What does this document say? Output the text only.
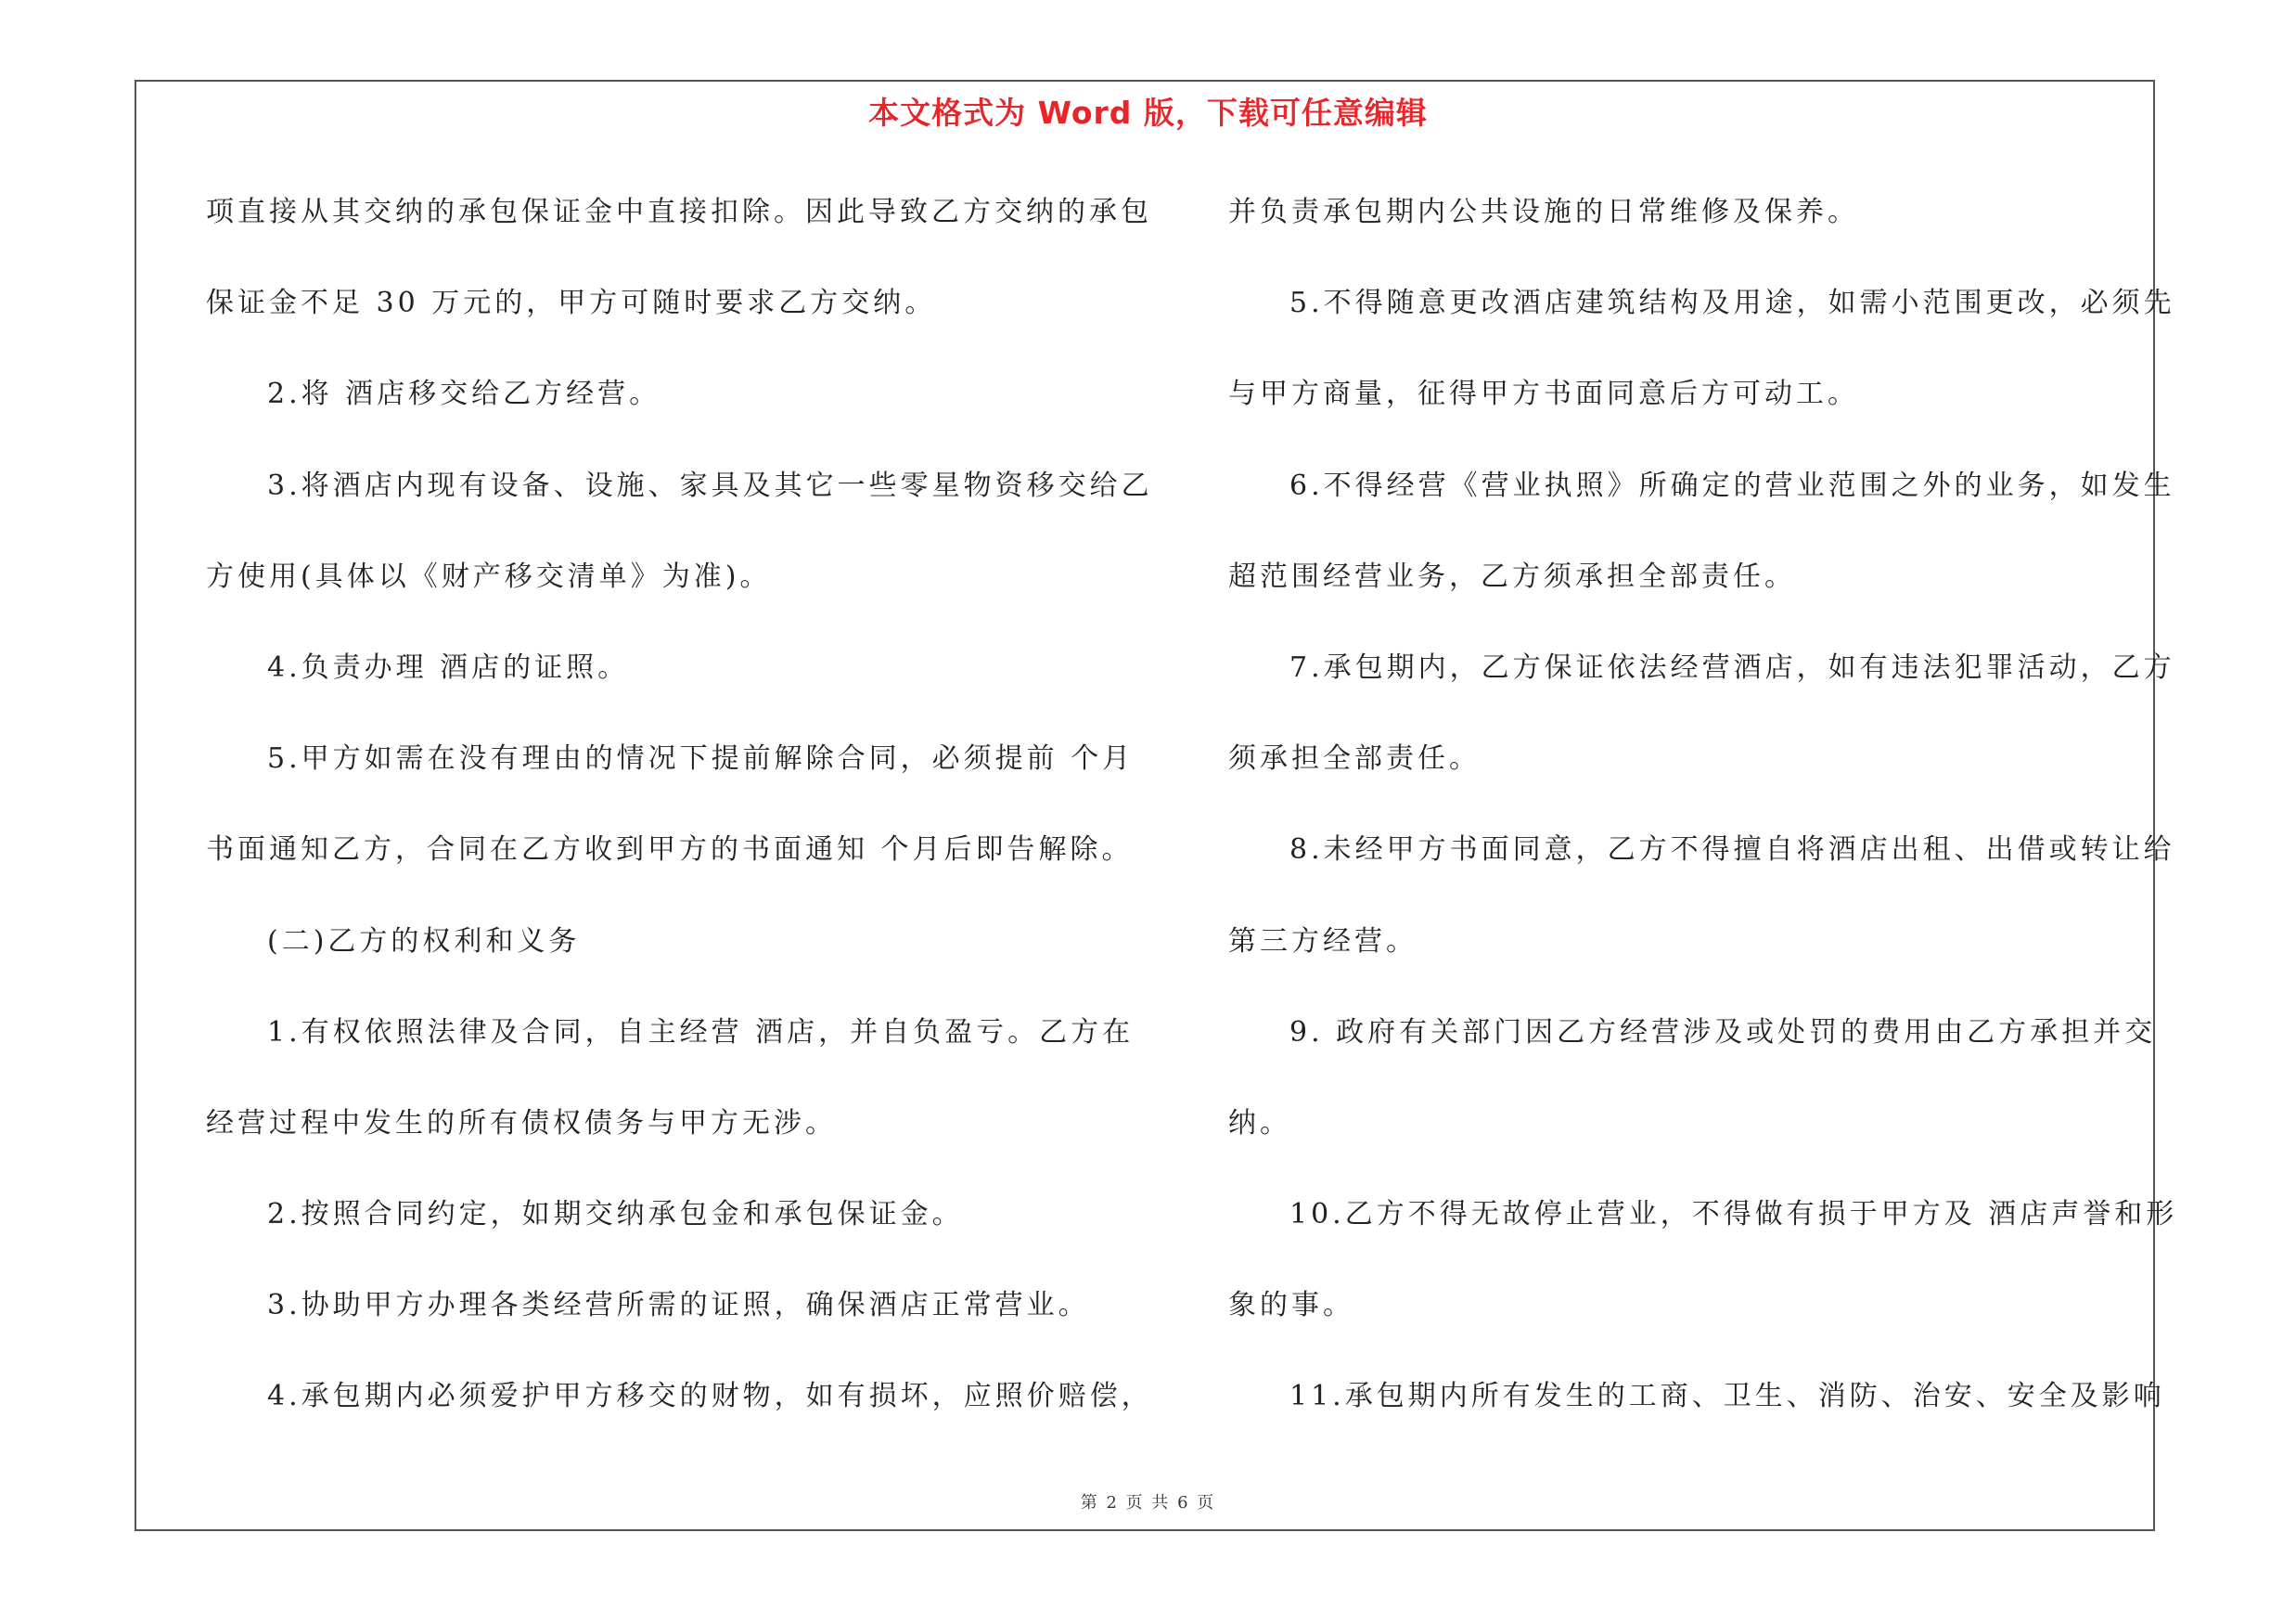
本文格式为 Word 版，下载可任意编辑
项直接从其交纳的承包保证金中直接扣除。因此导致乙方交纳的承包
保证金不足 30 万元的，甲方可随时要求乙方交纳。
2.将 酒店移交给乙方经营。
3.将酒店内现有设备、设施、家具及其它一些零星物资移交给乙
方使用(具体以《财产移交清单》为准)。
4.负责办理 酒店的证照。
5.甲方如需在没有理由的情况下提前解除合同，必须提前 个月
书面通知乙方，合同在乙方收到甲方的书面通知 个月后即告解除。
(二)乙方的权利和义务
1.有权依照法律及合同，自主经营 酒店，并自负盈亏。乙方在
经营过程中发生的所有债权债务与甲方无涉。
2.按照合同约定，如期交纳承包金和承包保证金。
3.协助甲方办理各类经营所需的证照，确保酒店正常营业。
4.承包期内必须爱护甲方移交的财物，如有损坏，应照价赔偿，
并负责承包期内公共设施的日常维修及保养。
5.不得随意更改酒店建筑结构及用途，如需小范围更改，必须先
与甲方商量，征得甲方书面同意后方可动工。
6.不得经营《营业执照》所确定的营业范围之外的业务，如发生
超范围经营业务，乙方须承担全部责任。
7.承包期内，乙方保证依法经营酒店，如有违法犯罪活动，乙方
须承担全部责任。
8.未经甲方书面同意，乙方不得擅自将酒店出租、出借或转让给
第三方经营。
9. 政府有关部门因乙方经营涉及或处罚的费用由乙方承担并交
纳。
10.乙方不得无故停止营业，不得做有损于甲方及 酒店声誉和形
象的事。
11.承包期内所有发生的工商、卫生、消防、治安、安全及影响
第 2 页 共 6 页
